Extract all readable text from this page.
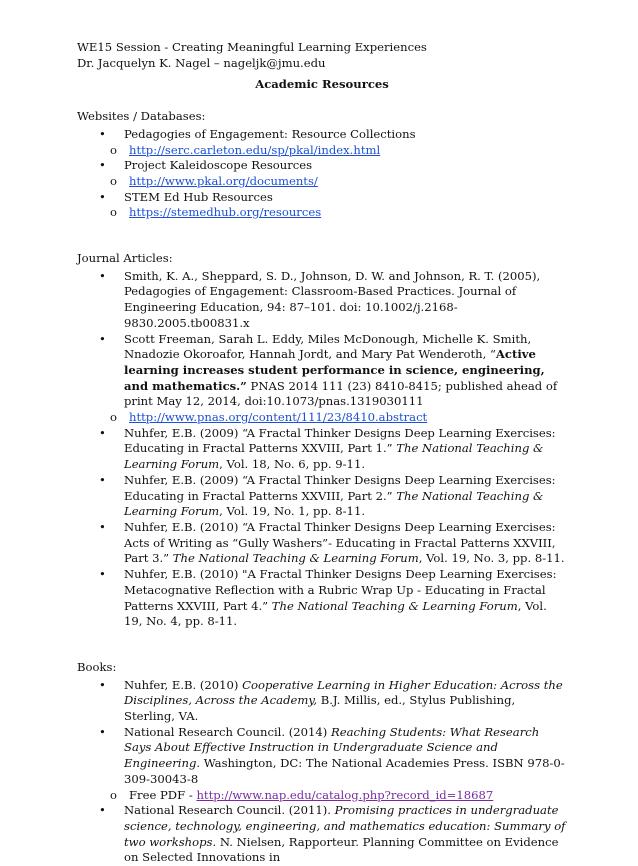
WE15 Session - Creating Meaningful Learning Experiences
Dr. Jacquelyn K. Nagel – nageljk@jmu.edu
Academic Resources
Websites / Databases:
• Pedagogies of Engagement: Resource Collections
o http://serc.carleton.edu/sp/pkal/index.html
• Project Kaleidoscope Resources
o http://www.pkal.org/documents/
• STEM Ed Hub Resources
o https://stemedhub.org/resources
Journal Articles:
• Smith, K. A., Sheppard, S. D., Johnson, D. W. and Johnson, R. T. (2005), Pedagogies of Engagement: Classroom-Based Practices. Journal of Engineering Education, 94: 87–101. doi: 10.1002/j.2168-9830.2005.tb00831.x
• Scott Freeman, Sarah L. Eddy, Miles McDonough, Michelle K. Smith, Nnadozie Okoroafor, Hannah Jordt, and Mary Pat Wenderoth, “Active learning increases student performance in science, engineering, and mathematics.” PNAS 2014 111 (23) 8410-8415; published ahead of print May 12, 2014, doi:10.1073/pnas.1319030111
o http://www.pnas.org/content/111/23/8410.abstract
• Nuhfer, E.B. (2009) “A Fractal Thinker Designs Deep Learning Exercises: Educating in Fractal Patterns XXVIII, Part 1.” The National Teaching & Learning Forum, Vol. 18, No. 6, pp. 9-11.
• Nuhfer, E.B. (2009) “A Fractal Thinker Designs Deep Learning Exercises: Educating in Fractal Patterns XXVIII, Part 2.” The National Teaching & Learning Forum, Vol. 19, No. 1, pp. 8-11.
• Nuhfer, E.B. (2010) “A Fractal Thinker Designs Deep Learning Exercises: Acts of Writing as “Gully Washers”- Educating in Fractal Patterns XXVIII, Part 3.” The National Teaching & Learning Forum, Vol. 19, No. 3, pp. 8-11.
• Nuhfer, E.B. (2010) "A Fractal Thinker Designs Deep Learning Exercises: Metacognative Reflection with a Rubric Wrap Up - Educating in Fractal Patterns XXVIII, Part 4.” The National Teaching & Learning Forum, Vol. 19, No. 4, pp. 8-11.
Books:
• Nuhfer, E.B. (2010) Cooperative Learning in Higher Education: Across the Disciplines, Across the Academy, B.J. Millis, ed., Stylus Publishing, Sterling, VA.
• National Research Council. (2014) Reaching Students: What Research Says About Effective Instruction in Undergraduate Science and Engineering. Washington, DC: The National Academies Press. ISBN 978-0-309-30043-8
o Free PDF - http://www.nap.edu/catalog.php?record_id=18687
• National Research Council. (2011). Promising practices in undergraduate science, technology, engineering, and mathematics education: Summary of two workshops. N. Nielsen, Rapporteur. Planning Committee on Evidence on Selected Innovations in
